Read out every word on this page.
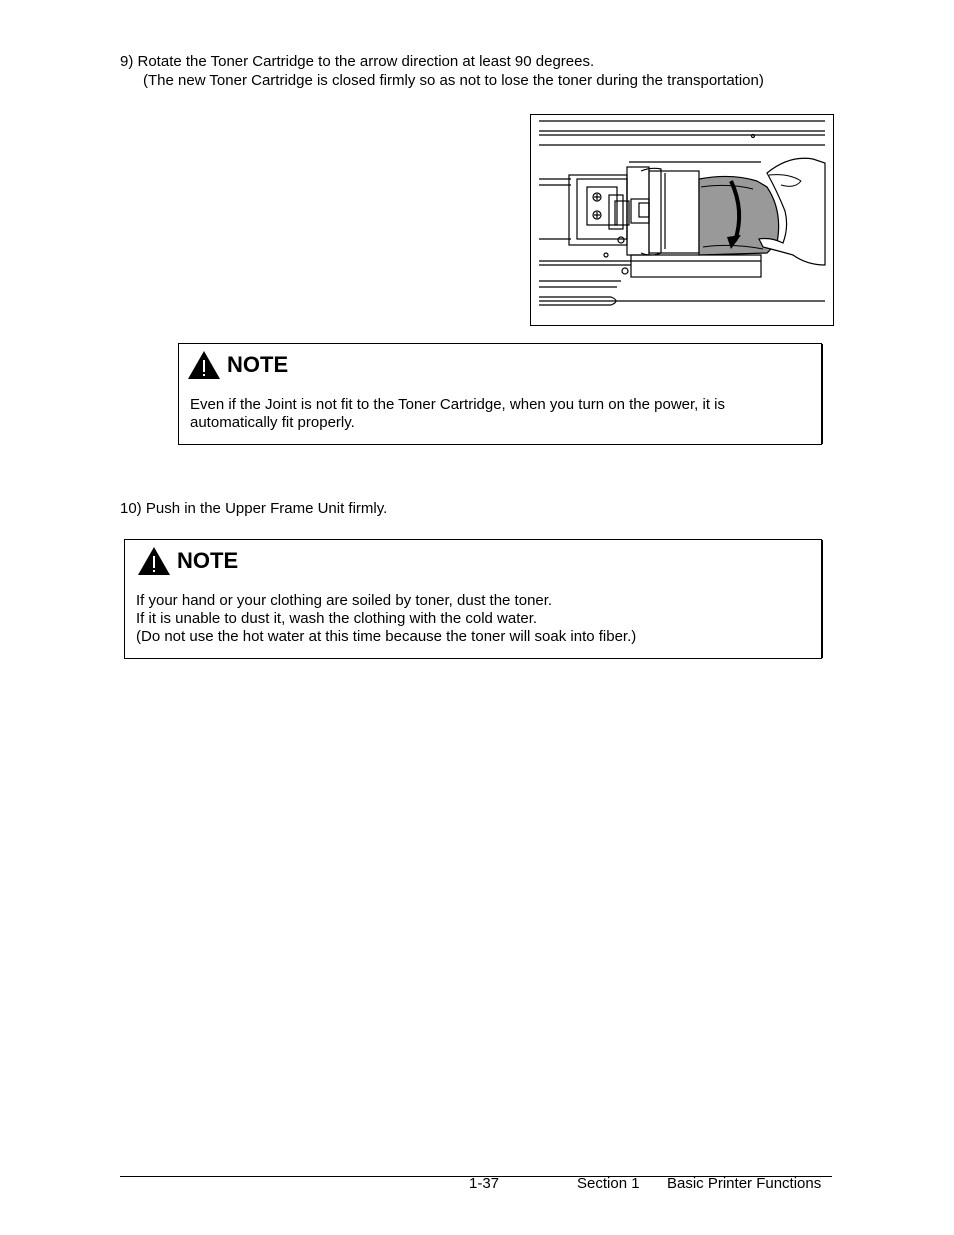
9) Rotate the Toner Cartridge to the arrow direction at least 90 degrees.
(The new Toner Cartridge is closed firmly so as not to lose the toner during the transportation)
NOTE
Even if the Joint is not fit to the Toner Cartridge, when you turn on the power, it is
automatically fit properly.
10) Push in the Upper Frame Unit firmly.
NOTE
If your hand or your clothing are soiled by toner, dust the toner.
If it is unable to dust it, wash the clothing with the cold water.
(Do not use the hot water at this time because the toner will soak into fiber.)
1-37	Section 1 Basic Printer Functions
